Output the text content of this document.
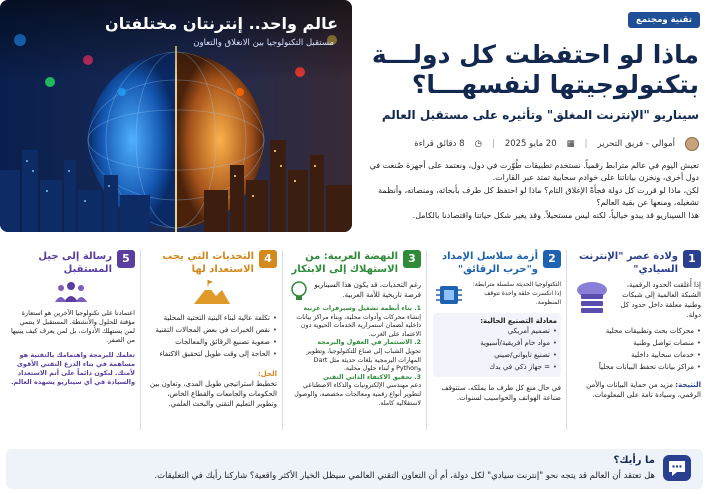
عالم واحد.. إنترنتان مختلفتان
مستقبل التكنولوجيا بين الانغلاق والتعاون
تقنية ومجتمع
ماذا لو احتفظت كل دولـــة
بتكنولوجيتها لنفسهـــا؟
سيناريو "الإنترنت المغلق" وتأثيره على مستقبل العالم
أموالي - فريق التحرير
|
▦
20 مايو 2025
|
◷
8 دقائق قراءة

تعيش اليوم في عالم مترابط رقمياً. نستخدم تطبيقات طُوّرت في دول، ونعتمد على أجهزة صُنعت في دول أخرى، ونخزن بياناتنا على خوادم سحابية تمتد عبر القارات.

لكن، ماذا لو قررت كل دولة فجأةً الإغلاق التام؟ ماذا لو احتفظ كل طرف بأبحاثه، ومنصاته، وأنظمة تشغيله، ومنعها عن بقية العالم؟

هذا السيناريو قد يبدو خيالياً، لكنه ليس مستحيلاً. وقد يغير شكل حياتنا واقتصادنا بالكامل.

1
ولادة عصر "الإنترنت السيادي"
إذا أُغلقت الحدود الرقمية، الشبكة العالمية إلى شبكات وطنية معلقة داخل حدود كل دولة.
• محركات بحث وتطبيقات محلية
• منصات تواصل وطنية
• خدمات سحابية داخلية
• مراكز بيانات تحفظ البيانات محلياً
النتيجة: مزيد من حماية البيانات والأمن الرقمي، وسيادة تامة على المعلومات.
2
أزمة سلاسل الإمداد و"حرب الرقائق"
التكنولوجيا الحديثة سلسلة مترابطة: إذا انكسرت حلقة واحدة تتوقف المنظومة.
معادلة التصنيع الحالية:
• تصميم أمريكي
• مواد خام أفريقية/آسيوية
• تصنيع تايواني/صيني
• = جهاز ذكي في يدك
في حال منع كل طرف ما يملكه، ستتوقف صناعة الهواتف والحواسيب لسنوات.
3
النهضة العربية: من الاستهلاك إلى الابتكار
رغم التحديات، قد يكون هذا السيناريو فرصة تاريخية للأمة العربية.
1. بناء أنظمة تشغيل وسيرفرات عربية
إنشاء محركات وأدوات محلية، وبناء مراكز بيانات داخلية لضمان استمرارية الخدمات الحيوية دون الاعتماد على الغرب.
2. الاستثمار في العقول والبرمجة
تحويل الشباب إلى صناع للتكنولوجيا، وتطوير المهارات البرمجية بلغات حديثة مثل Dart وPython و لبناء حلول محلية.
3. تحقيق الاكتفاء الذاتي التقني
دعم مهندسي الإلكترونيات والذكاء الاصطناعي لتطوير أنواع رقمية ومعالجات مخصصة، والوصول لاستقلالية كاملة.
4
التحديات التي يجب الاستعداد لها
• تكلفة عالية لبناء البنية التحتية المحلية
• نقص الخبرات في بعض المجالات التقنية
• صعوبة تصنيع الرقائق والمعالجات
• الحاجة إلى وقت طويل لتحقيق الاكتفاء
الحل:
تخطيط استراتيجي طويل المدى، وتعاون بين الحكومات والجامعات والقطاع الخاص، وتطوير التعليم التقني والبحث العلمي.
5
رسالة إلى جيل المستقبل
اعتمادنا على تكنولوجيا الآخرين هو استعارة مؤقتة للحلول والأنشطة. المستقبل لا ينتمي لمن يستهلك الأدوات، بل لمن يعرف كيف يبنيها من الصفر.
تعلمك للبرمجة واهتمامك بالتقنية هو مساهمة في بناء الدرع التقني الأقوى لأمتك. لنكون دائماً على أتم الاستعداد والسيادة في أي سيناريو يشهده العالم.
ما رأيك؟
هل تعتقد أن العالم قد يتجه نحو "إنترنت سيادي" لكل دولة، أم أن التعاون التقني العالمي سيظل الخيار الأكثر واقعية؟ شاركنا رأيك في التعليقات.
